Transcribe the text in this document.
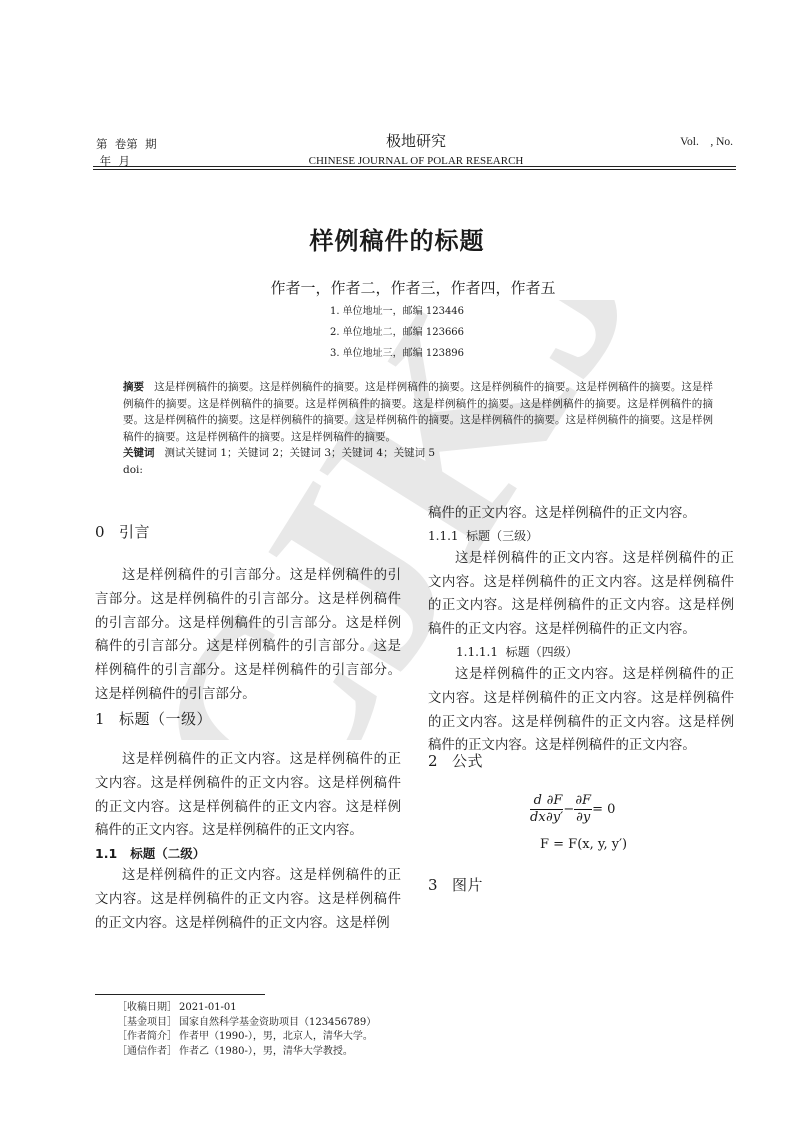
CJKJ
第  卷第  期
年  月
极地研究
CHINESE JOURNAL OF POLAR RESEARCH
Vol.    , No.
样例稿件的标题
作者一，作者二，作者三，作者四，作者五
1. 单位地址一，邮编 123446
2. 单位地址二，邮编 123666
3. 单位地址三，邮编 123896
摘要 这是样例稿件的摘要。这是样例稿件的摘要。这是样例稿件的摘要。这是样例稿件的摘要。这是样例稿件的摘要。这是样例稿件的摘要。这是样例稿件的摘要。这是样例稿件的摘要。这是样例稿件的摘要。这是样例稿件的摘要。这是样例稿件的摘要。这是样例稿件的摘要。这是样例稿件的摘要。这是样例稿件的摘要。这是样例稿件的摘要。这是样例稿件的摘要。这是样例稿件的摘要。这是样例稿件的摘要。这是样例稿件的摘要。
关键词 测试关键词 1；关键词 2；关键词 3；关键词 4；关键词 5
doi:
0 引言

这是样例稿件的引言部分。这是样例稿件的引言部分。这是样例稿件的引言部分。这是样例稿件的引言部分。这是样例稿件的引言部分。这是样例稿件的引言部分。这是样例稿件的引言部分。这是样例稿件的引言部分。这是样例稿件的引言部分。这是样例稿件的引言部分。

1 标题（一级）

这是样例稿件的正文内容。这是样例稿件的正文内容。这是样例稿件的正文内容。这是样例稿件的正文内容。这是样例稿件的正文内容。这是样例稿件的正文内容。这是样例稿件的正文内容。

1.1   标题（二级）

这是样例稿件的正文内容。这是样例稿件的正文内容。这是样例稿件的正文内容。这是样例稿件的正文内容。这是样例稿件的正文内容。这是样例

稿件的正文内容。这是样例稿件的正文内容。

1.1.1  标题（三级）

这是样例稿件的正文内容。这是样例稿件的正文内容。这是样例稿件的正文内容。这是样例稿件的正文内容。这是样例稿件的正文内容。这是样例稿件的正文内容。这是样例稿件的正文内容。

1.1.1.1  标题（四级）

这是样例稿件的正文内容。这是样例稿件的正文内容。这是样例稿件的正文内容。这是样例稿件的正文内容。这是样例稿件的正文内容。这是样例稿件的正文内容。这是样例稿件的正文内容。

2 公式
$\frac{d}{dx} \frac{\partial F}{\partial y'} - \frac{\partial F}{\partial y} = 0$
F = F(x, y, y′)
3 图片
［收稿日期］ 2021-01-01
［基金项目］ 国家自然科学基金资助项目（123456789）
［作者简介］ 作者甲（1990-），男，北京人，清华大学。
［通信作者］ 作者乙（1980-），男，清华大学教授。
